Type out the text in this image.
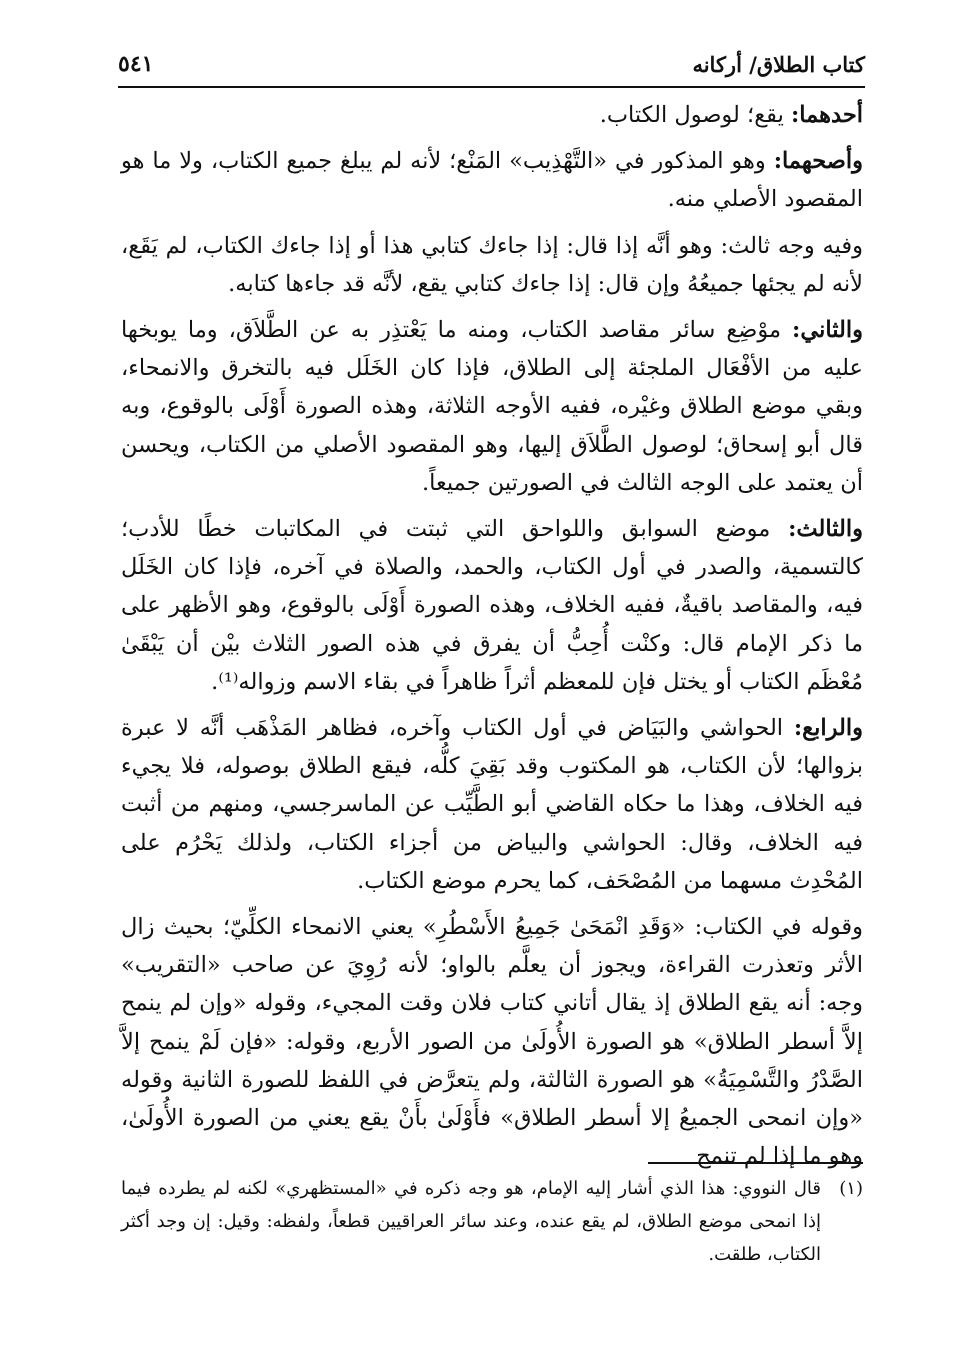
كتاب الطلاق/ أركانه
٥٤١

أحدهما: يقع؛ لوصول الكتاب.

وأصحهما: وهو المذكور في «التَّهْذِيب» المَنْع؛ لأنه لم يبلغ جميع الكتاب، ولا ما هو المقصود الأصلي منه.

وفيه وجه ثالث: وهو أنَّه إذا قال: إذا جاءك كتابي هذا أو إذا جاءك الكتاب، لم يَقَع، لأنه لم يجئها جميعُهُ وإن قال: إذا جاءك كتابي يقع، لأنَّه قد جاءها كتابه.

والثاني: موْضِع سائر مقاصد الكتاب، ومنه ما يَعْتذِر به عن الطَّلاَق، وما يوبخها عليه من الأفْعَال الملجئة إلى الطلاق، فإذا كان الخَلَل فيه بالتخرق والانمحاء، وبقي موضع الطلاق وغيْره، ففيه الأوجه الثلاثة، وهذه الصورة أَوْلَى بالوقوع، وبه قال أبو إسحاق؛ لوصول الطَّلاَق إليها، وهو المقصود الأصلي من الكتاب، ويحسن أن يعتمد على الوجه الثالث في الصورتين جميعاً.

والثالث: موضع السوابق واللواحق التي ثبتت في المكاتبات خطًا للأدب؛ كالتسمية، والصدر في أول الكتاب، والحمد، والصلاة في آخره، فإذا كان الخَلَل فيه، والمقاصد باقيةٌ، ففيه الخلاف، وهذه الصورة أَوْلَى بالوقوع، وهو الأظهر على ما ذكر الإمام قال: وكنْت أُحِبُّ أن يفرق في هذه الصور الثلاث بيْن أن يَبْقَىٰ مُعْظَم الكتاب أو يختل فإن للمعظم أثراً ظاهراً في بقاء الاسم وزواله⁽¹⁾.

والرابع: الحواشي والبَيَاض في أول الكتاب وآخره، فظاهر المَذْهَب أنَّه لا عبرة بزوالها؛ لأن الكتاب، هو المكتوب وقد بَقِيَ كلُّه، فيقع الطلاق بوصوله، فلا يجيء فيه الخلاف، وهذا ما حكاه القاضي أبو الطَّيِّب عن الماسرجسي، ومنهم من أثبت فيه الخلاف، وقال: الحواشي والبياض من أجزاء الكتاب، ولذلك يَحْرُم على المُحْدِث مسهما من المُصْحَف، كما يحرم موضع الكتاب.

وقوله في الكتاب: «وَقَدِ انْمَحَىٰ جَمِيعُ الأَسْطُرِ» يعني الانمحاء الكلِّيّ؛ بحيث زال الأثر وتعذرت القراءة، ويجوز أن يعلَّم بالواو؛ لأنه رُوِيَ عن صاحب «التقريب» وجه: أنه يقع الطلاق إذ يقال أتاني كتاب فلان وقت المجيء، وقوله «وإن لم ينمح إلاَّ أسطر الطلاق» هو الصورة الأُولَىٰ من الصور الأربع، وقوله: «فإن لَمْ ينمح إلاَّ الصَّدْرُ والتَّسْمِيَةُ» هو الصورة الثالثة، ولم يتعرَّض في اللفظ للصورة الثانية وقوله «وإن انمحى الجميعُ إلا أسطر الطلاق» فأَوْلَىٰ بأَنْ يقع يعني من الصورة الأُولَىٰ، وهو ما إذا لم تنمح

(١)
قال النووي: هذا الذي أشار إليه الإمام، هو وجه ذكره في «المستظهري» لكنه لم يطرده فيما إذا انمحى موضع الطلاق، لم يقع عنده، وعند سائر العراقيين قطعاً، ولفظه: وقيل: إن وجد أكثر الكتاب، طلقت.
